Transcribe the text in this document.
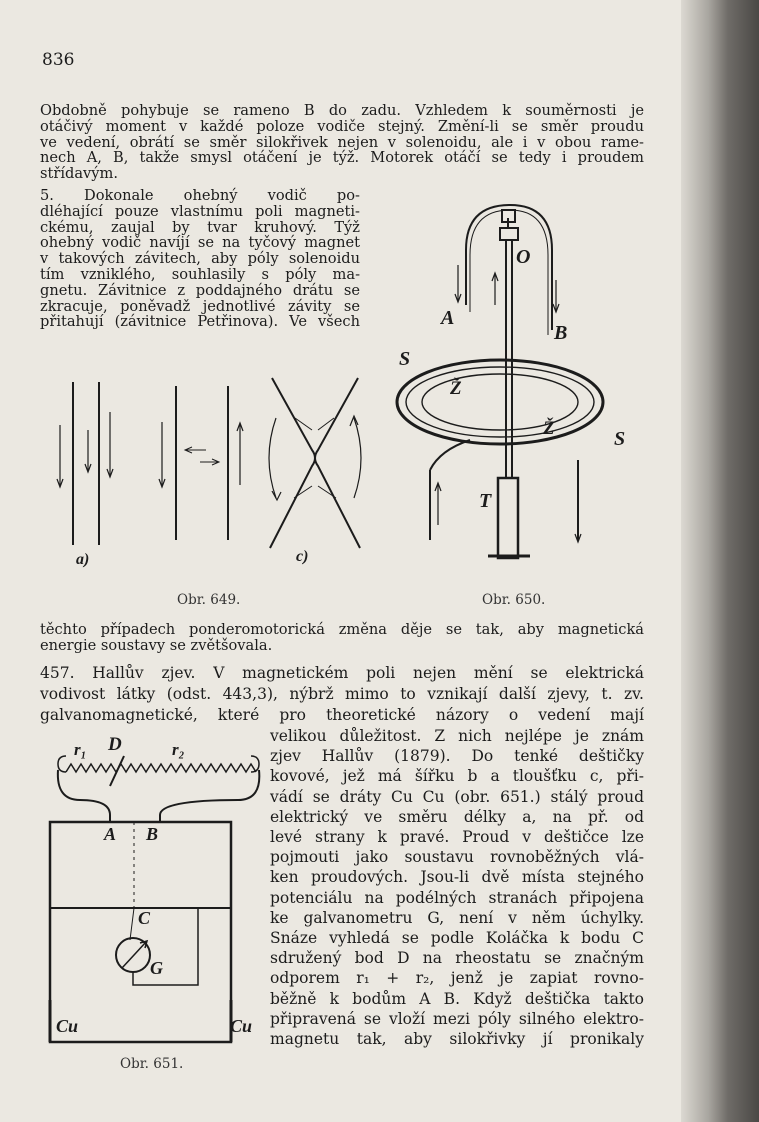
836
Obdobně pohybuje se rameno B do zadu. Vzhledem k souměrnosti je
otáčivý moment v každé poloze vodiče stejný. Změní-li se směr proudu
ve vedení, obrátí se směr silokřivek nejen v solenoidu, ale i v obou rame-
nech A, B, takže smysl otáčení je týž. Motorek otáčí se tedy i proudem
střídavým.
5. Dokonale ohebný vodič po-
dléhající pouze vlastnímu poli magneti-
ckému, zaujal by tvar kruhový. Týž
ohebný vodič navíjí se na tyčový magnet
v takových závitech, aby póly solenoidu
tím vzniklého, souhlasily s póly ma-
gnetu. Závitnice z poddajného drátu se
zkracuje, poněvadž jednotlivé závity se
přitahují (závitnice Petřinova). Ve všech
a)	c)
Obr. 649.
O
A
B
S
Ž
Ž	S
T
Obr. 650.
těchto případech ponderomotorická změna děje se tak, aby magnetická
energie soustavy se zvětšovala.
457. Hallův zjev. V magnetickém poli nejen mění se elektrická
vodivost látky (odst. 443,3), nýbrž mimo to vznikají další zjevy, t. zv.
galvanomagnetické, které pro theoretické názory o vedení mají
velikou důležitost. Z nich nejlépe je znám
zjev Hallův (1879). Do tenké deštičky
kovové, jež má šířku b a tloušťku c, při-
vádí se dráty Cu Cu (obr. 651.) stálý proud
elektrický ve směru délky a, na př. od
levé strany k pravé. Proud v deštičce lze
pojmouti jako soustavu rovnoběžných vlá-
ken proudových. Jsou-li dvě místa stejného
potenciálu na podélných stranách připojena
ke galvanometru G, není v něm úchylky.
Snáze vyhledá se podle Koláčka k bodu C
sdružený bod D na rheostatu se značným
odporem r₁ + r₂, jenž je zapiat rovno-
běžně k bodům A B. Když deštička takto
připravená se vloží mezi póly silného elektro-
magnetu tak, aby silokřivky jí pronikaly
r₁ D	r₂
A B
C
G
Cu	Cu
Obr. 651.
